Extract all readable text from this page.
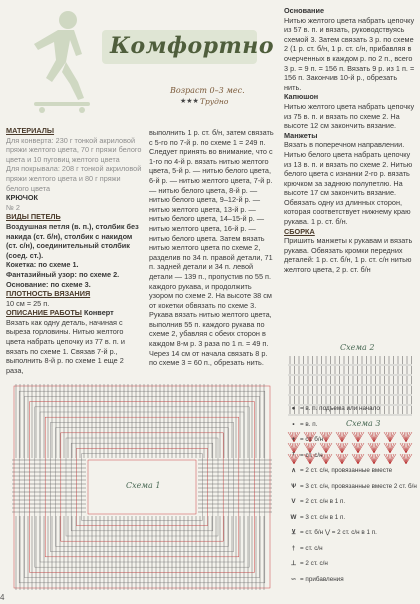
Комфортно
Возраст 0–3 мес.
★★★ Трудно

МАТЕРИАЛЫ

Для конверта: 230 г тонкой акриловой пряжи желтого цвета, 70 г пряжи белого цвета и 10 пуговиц желтого цвета

Для покрывала: 208 г тонкой акриловой пряжи желтого цвета и 80 г пряжи белого цвета

КРЮЧОК

№ 2

ВИДЫ ПЕТЕЛЬ

Воздушная петля (в. п.), столбик без накида (ст. б/н), столбик с накидом (ст. с/н), соединительный столбик (соед. ст.).

Кокетка: по схеме 1.

Фантазийный узор: по схеме 2.

Основание: по схеме 3.

ПЛОТНОСТЬ ВЯЗАНИЯ

10 см = 25 п.

ОПИСАНИЕ РАБОТЫ Конверт

Вязать как одну деталь, начиная с выреза горловины. Нитью желтого цвета набрать цепочку из 77 в. п. и вязать по схеме 1. Связав 7-й р., выполнить 8-й р. по схеме 1 еще 2 раза,

выполнить 1 р. ст. б/н, затем связать с 5-го по 7-й р. по схеме 1 = 249 п. Следует принять во внимание, что с 1-го по 4-й р. вязать нитью желтого цвета, 5-й р. — нитью белого цвета, 6-й р. — нитью желтого цвета, 7-й р. — нитью белого цвета, 8-й р. — нитью белого цвета, 9–12-й р. — нитью желтого цвета, 13-й р. — нитью белого цвета, 14–15-й р. — нитью желтого цвета, 16-й р. — нитью белого цвета. Затем вязать нитью желтого цвета по схеме 2, разделив по 34 п. правой детали, 71 п. задней детали и 34 п. левой детали — 139 п., пропустив по 55 п. каждого рукава, и продолжить узором по схеме 2. На высоте 38 см от кокетки обвязать по схеме 3. Рукава вязать нитью желтого цвета, выполнив 55 п. каждого рукава по схеме 2, убавляя с обеих сторон в каждом 8-м р. 3 раза по 1 п. = 49 п. Через 14 см от начала связать 8 р. по схеме 3 = 60 п., обрезать нить.

Основание

Нитью желтого цвета набрать цепочку из 57 в. п. и вязать, руководствуясь схемой 3. Затем связать 3 р. по схеме 2 (1 р. ст. б/н, 1 р. ст. с/н, прибавляя в очерченных в каждом р. по 2 п., всего 3 р. = 9 п. = 156 п. Вязать 9 р. из 1 п. = 156 п. Закончив 10-й р., обрезать нить.

Капюшон

Нитью желтого цвета набрать цепочку из 75 в. п. и вязать по схеме 2. На высоте 12 см закончить вязание.

Манжеты

Вязать в поперечном направлении. Нитью белого цвета набрать цепочку из 13 в. п. и вязать по схеме 2. Нитью белого цвета с изнанки 2-го р. вязать крючком за заднюю полупетлю. На высоте 17 см закончить вязание. Обвязать одну из длинных сторон, которая соответствует нижнему краю рукава. 1 р. ст. б/н.

СБОРКА

Пришить манжеты к рукавам и вязать рукава. Обвязать кромки передних деталей: 1 р. ст. б/н, 1 р. ст. с/н нитью желтого цвета, 2 р. ст. б/н

Схема 1
Схема 2
Схема 3
● = в. п. подъема или начало
• = в. п.
+ = ст. б/н
ᵀ = ст. с/н
∧ = 2 ст. с/н, провязанные вместе
Ѱ = 3 ст. с/н, провязанные вместе 2 ст. б/н
V = 2 ст. с/н в 1 п.
W = 3 ст. с/н в 1 п.
⊻ = ст. б/н ⋁ = 2 ст. с/н в 1 п.
† = ст. с/н
⊥ = 2 ст. с/н
∽ = прибавления
4
